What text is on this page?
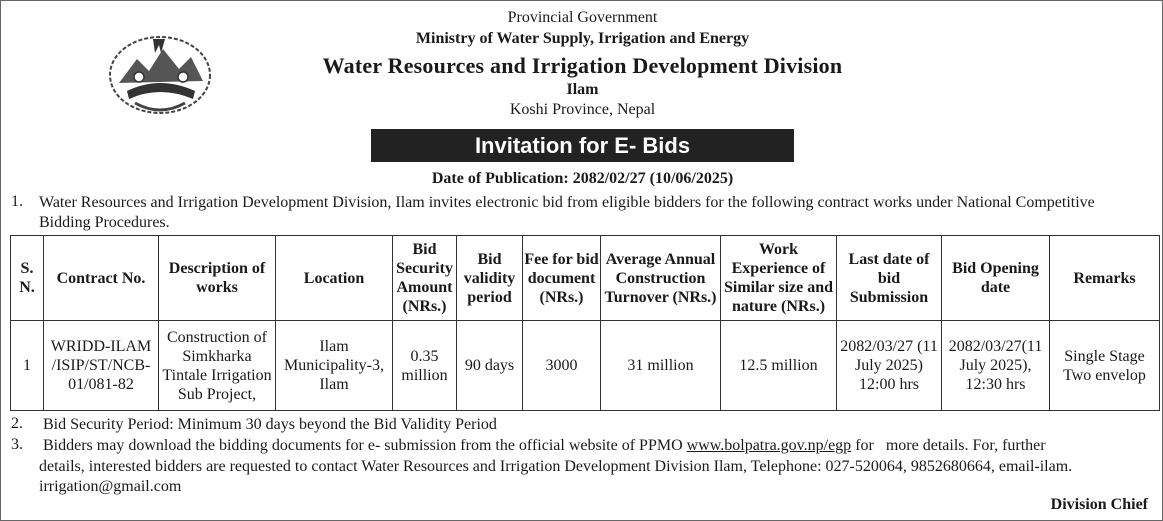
Provincial Government
Ministry of Water Supply, Irrigation and Energy
Water Resources and Irrigation Development Division
Ilam
Koshi Province, Nepal
Invitation for E- Bids
Date of Publication: 2082/02/27 (10/06/2025)
1. Water Resources and Irrigation Development Division, Ilam invites electronic bid from eligible bidders for the following contract works under National Competitive
Bidding Procedures.
S. N.	Contract No.	Description of works	Location	Bid Security Amount (NRs.)	Bid validity period	Fee for bid document (NRs.)	Average Annual Construction Turnover (NRs.)	Work Experience of Similar size and nature (NRs.)	Last date of bid Submission	Bid Opening date	Remarks
1	WRIDD-ILAM /ISIP/ST/NCB-01/081-82	Construction of Simkharka Tintale Irrigation Sub Project,	Ilam Municipality-3, Ilam	0.35 million	90 days	3000	31 million	12.5 million	2082/03/27 (11 July 2025) 12:00 hrs	2082/03/27(11 July 2025), 12:30 hrs	Single Stage Two envelop
2. Bid Security Period: Minimum 30 days beyond the Bid Validity Period
3. Bidders may download the bidding documents for e- submission from the official website of PPMO www.bolpatra.gov.np/egp for   more details. For, further
details, interested bidders are requested to contact Water Resources and Irrigation Development Division Ilam, Telephone: 027-520064, 9852680664, email-ilam.
irrigation@gmail.com
Division Chief
